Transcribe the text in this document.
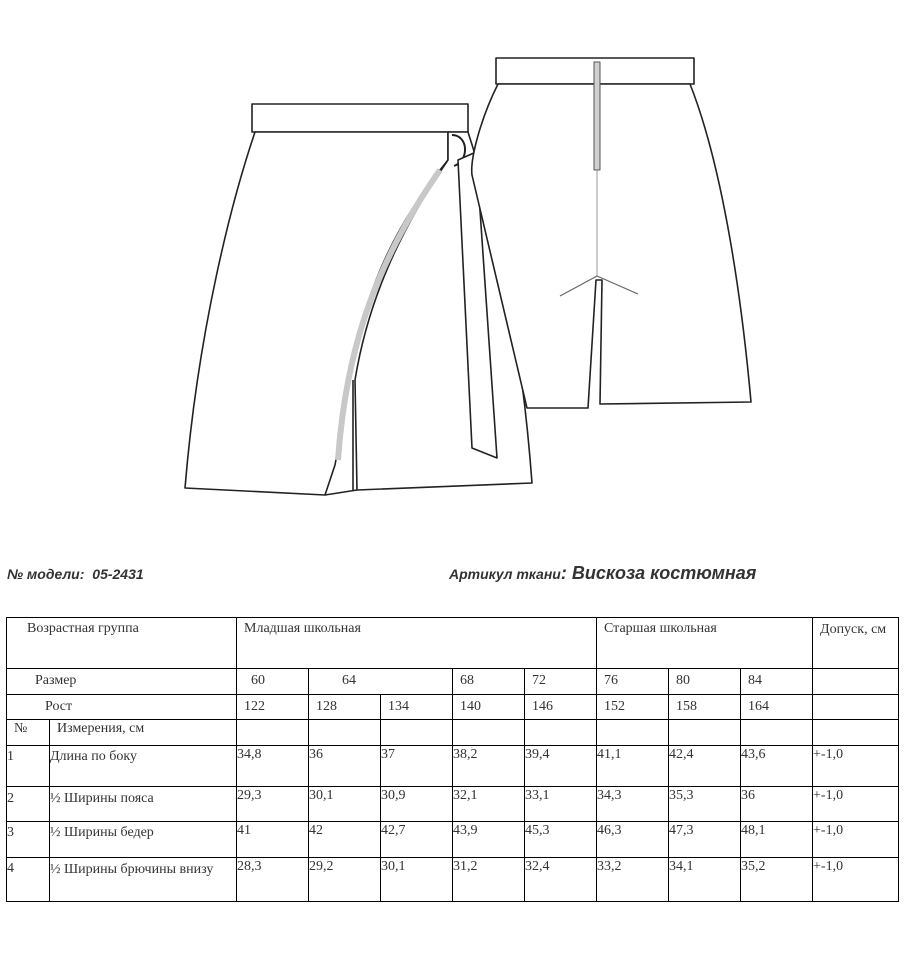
№ модели: 05-2431	Артикул ткани: Вискоза костюмная
Возрастная группа		Младшая школьная					Старшая школьная			Допуск, см
Размер		60	64		68	72	76	80	84	
Рост		122	128	134	140	146	152	158	164	
№	Измерения, см									
1	Длина по боку	34,8	36	37	38,2	39,4	41,1	42,4	43,6	+-1,0
2	½ Ширины пояса	29,3	30,1	30,9	32,1	33,1	34,3	35,3	36	+-1,0
3	½ Ширины бедер	41	42	42,7	43,9	45,3	46,3	47,3	48,1	+-1,0
4	½ Ширины брючины внизу	28,3	29,2	30,1	31,2	32,4	33,2	34,1	35,2	+-1,0
